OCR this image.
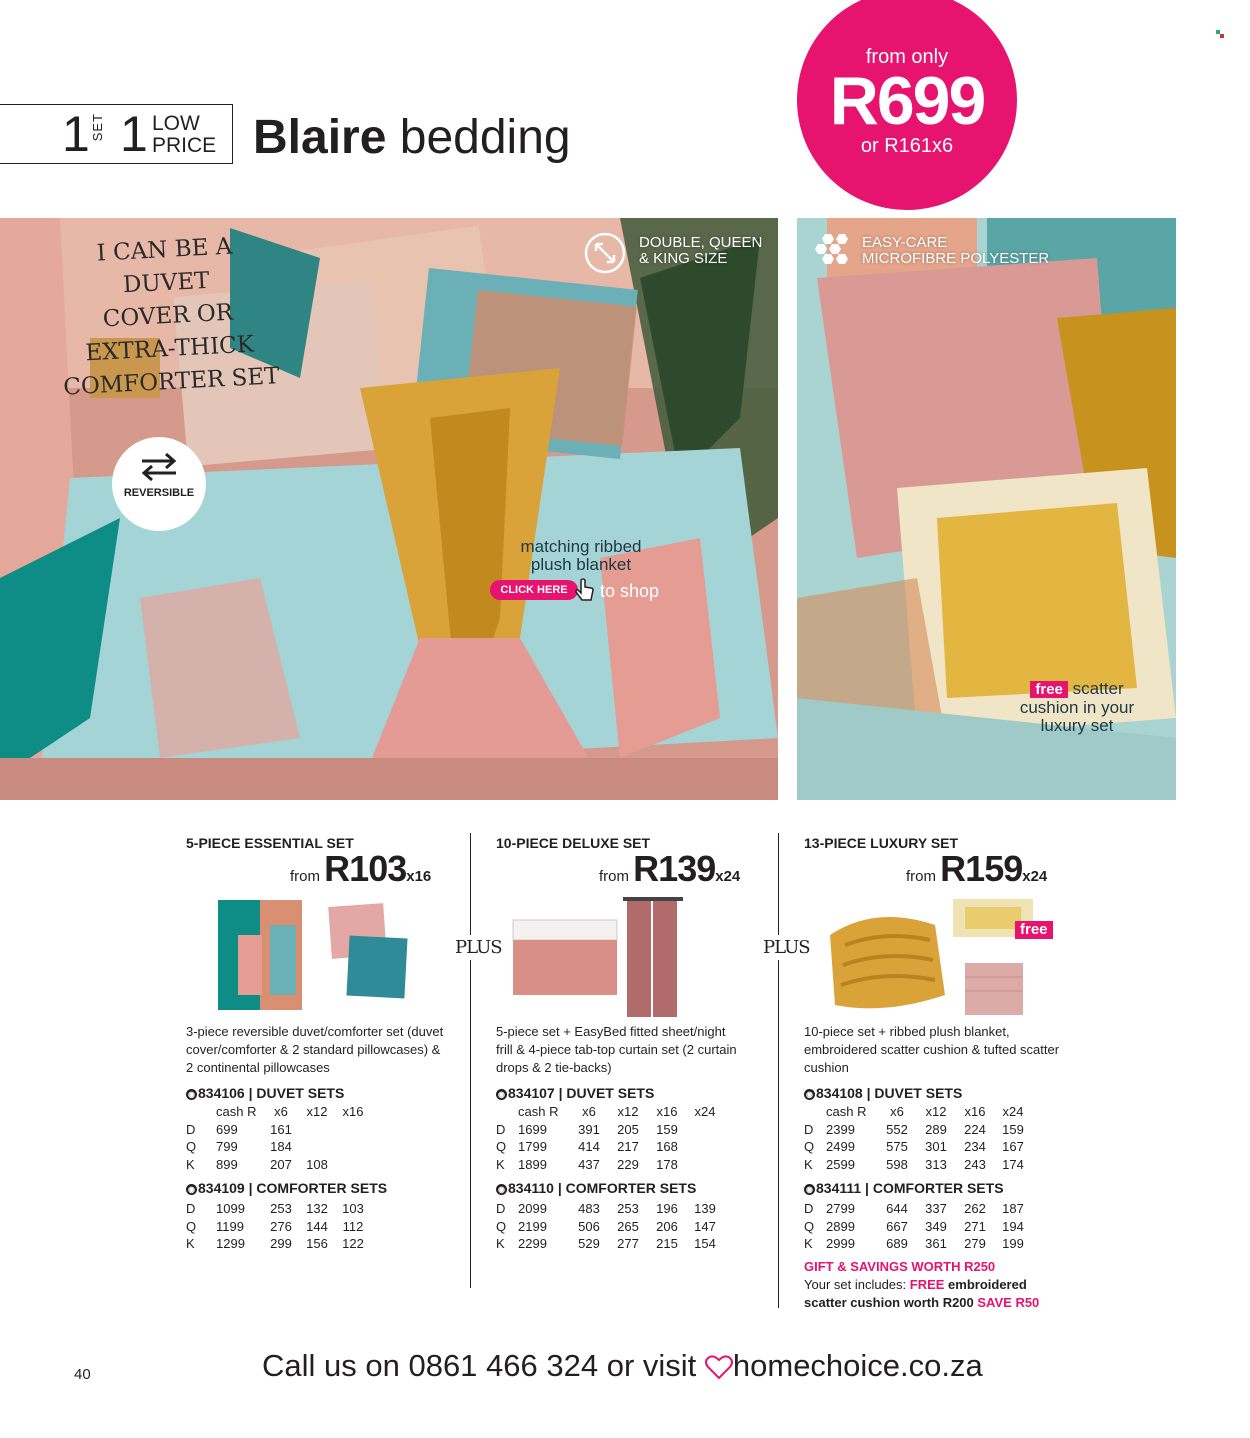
1 SET 1 LOW
PRICE Blaire bedding
from only
R699
or R161x6
I CAN BE A DUVET
COVER OR EXTRA-THICK
COMFORTER SET
DOUBLE, QUEEN
& KING SIZE
REVERSIBLE
matching ribbed
plush blanket
CLICK HERE	to shop
EASY-CARE
MICROFIBRE POLYESTER
free scatter
cushion in your
luxury set
5-PIECE ESSENTIAL SET
from R103x16
3-piece reversible duvet/comforter set (duvet
cover/comforter & 2 standard pillowcases) &
2 continental pillowcases
◉ 834106 | DUVET SETS
	cash R	x6	x12	x16
D	699	161		
Q	799	184		
K	899	207	108	
◉ 834109 | COMFORTER SETS
D	1099	253	132	103
Q	1199	276	144	112
K	1299	299	156	122
PLUS
10-PIECE DELUXE SET
from R139x24
5-piece set + EasyBed fitted sheet/night
frill & 4-piece tab-top curtain set (2 curtain
drops & 2 tie-backs)
◉ 834107 | DUVET SETS
	cash R	x6	x12	x16	x24
D	1699	391	205	159	
Q	1799	414	217	168	
K	1899	437	229	178	
◉ 834110 | COMFORTER SETS
D	2099	483	253	196	139
Q	2199	506	265	206	147
K	2299	529	277	215	154
PLUS
13-PIECE LUXURY SET
from R159x24
free
10-piece set + ribbed plush blanket,
embroidered scatter cushion & tufted scatter
cushion
◉ 834108 | DUVET SETS
	cash R	x6	x12	x16	x24
D	2399	552	289	224	159
Q	2499	575	301	234	167
K	2599	598	313	243	174
◉ 834111 | COMFORTER SETS
D	2799	644	337	262	187
Q	2899	667	349	271	194
K	2999	689	361	279	199
GIFT & SAVINGS WORTH R250
Your set includes: FREE embroidered
scatter cushion worth R200 SAVE R50
40	Call us on 0861 466 324 or visit homechoice.co.za
